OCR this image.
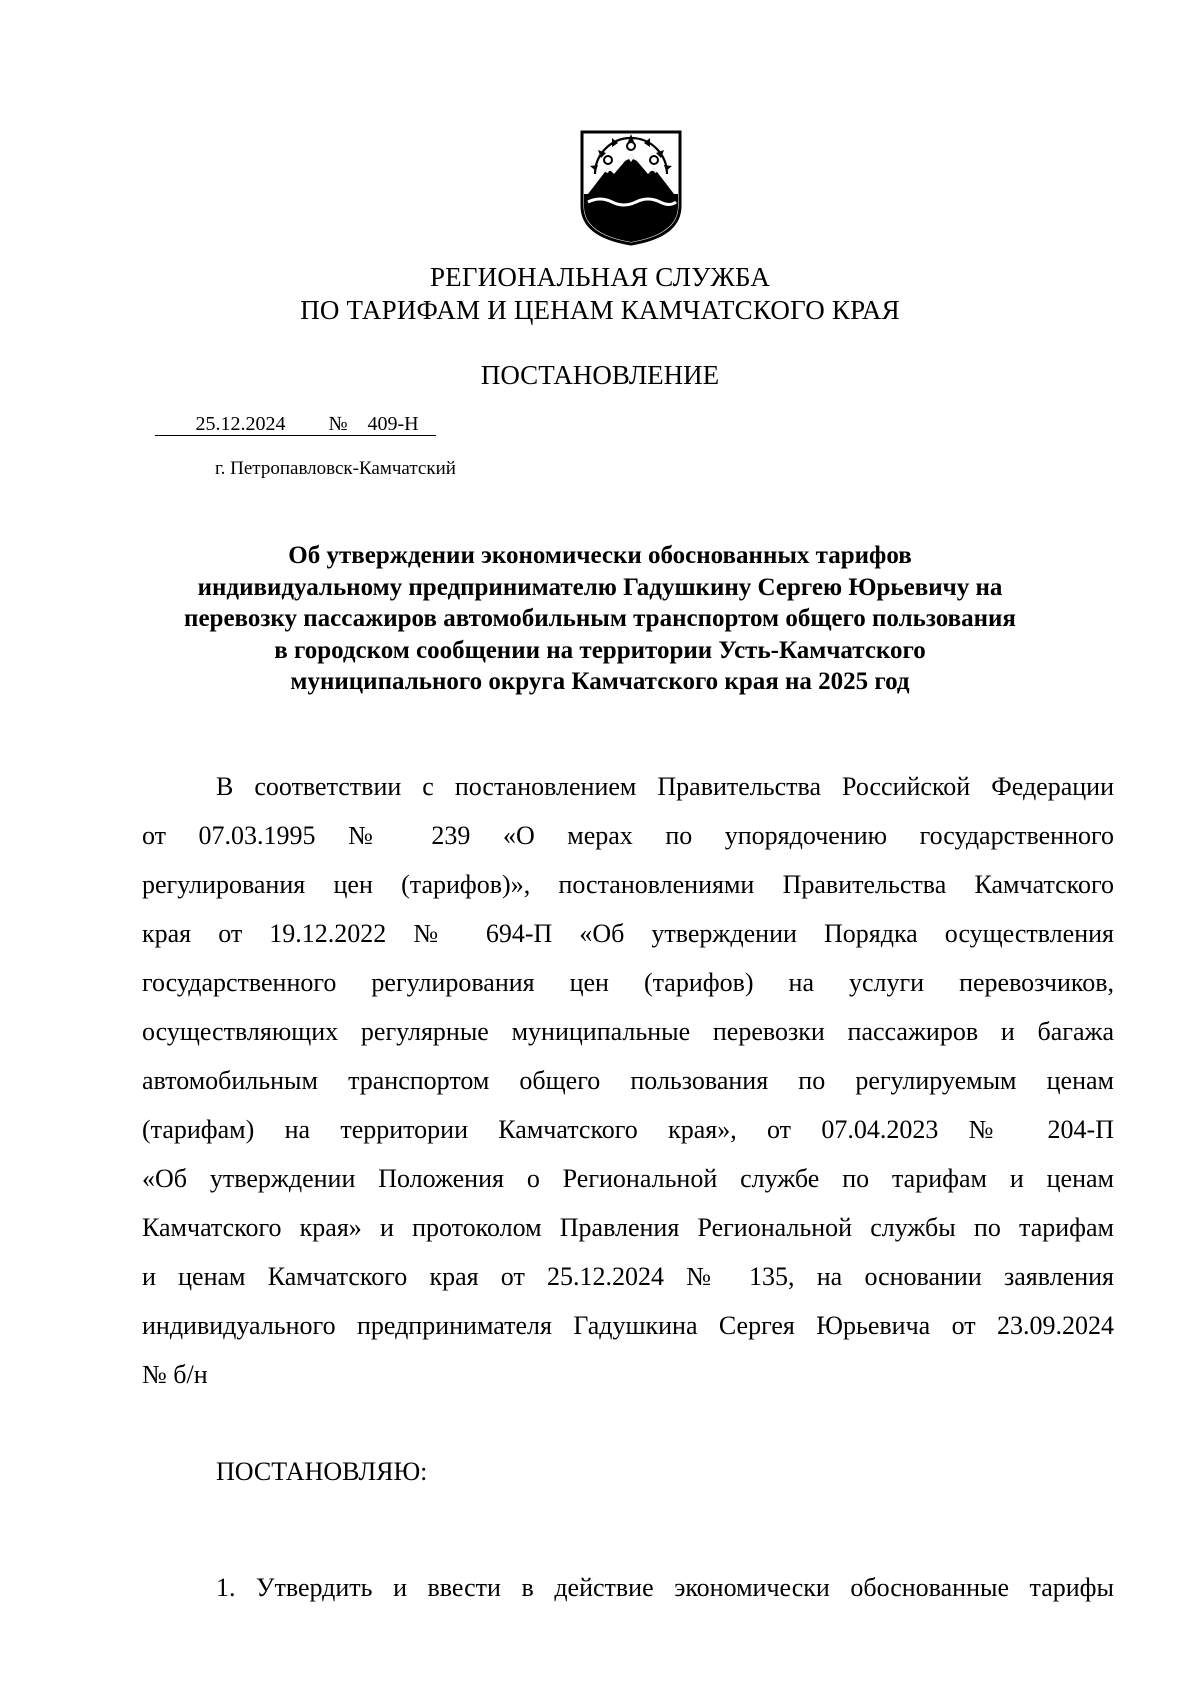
РЕГИОНАЛЬНАЯ СЛУЖБА
ПО ТАРИФАМ И ЦЕНАМ КАМЧАТСКОГО КРАЯ
ПОСТАНОВЛЕНИЕ
25.12.2024	№ 409-Н
г. Петропавловск-Камчатский
Об утверждении экономически обоснованных тарифов
индивидуальному предпринимателю Гадушкину Сергею Юрьевичу на
перевозку пассажиров автомобильным транспортом общего пользования
в городском сообщении на территории Усть-Камчатского
муниципального округа Камчатского края на 2025 год
В соответствии с постановлением Правительства Российской Федерации
от 07.03.1995 № 239 «О мерах по упорядочению государственного
регулирования цен (тарифов)», постановлениями Правительства Камчатского
края от 19.12.2022 № 694-П «Об утверждении Порядка осуществления
государственного регулирования цен (тарифов) на услуги перевозчиков,
осуществляющих регулярные муниципальные перевозки пассажиров и багажа
автомобильным транспортом общего пользования по регулируемым ценам
(тарифам) на территории Камчатского края», от 07.04.2023 № 204-П
«Об утверждении Положения о Региональной службе по тарифам и ценам
Камчатского края» и протоколом Правления Региональной службы по тарифам
и ценам Камчатского края от 25.12.2024 № 135, на основании заявления
индивидуального предпринимателя Гадушкина Сергея Юрьевича от 23.09.2024
№ б/н
ПОСТАНОВЛЯЮ:
1. Утвердить и ввести в действие экономически обоснованные тарифы
